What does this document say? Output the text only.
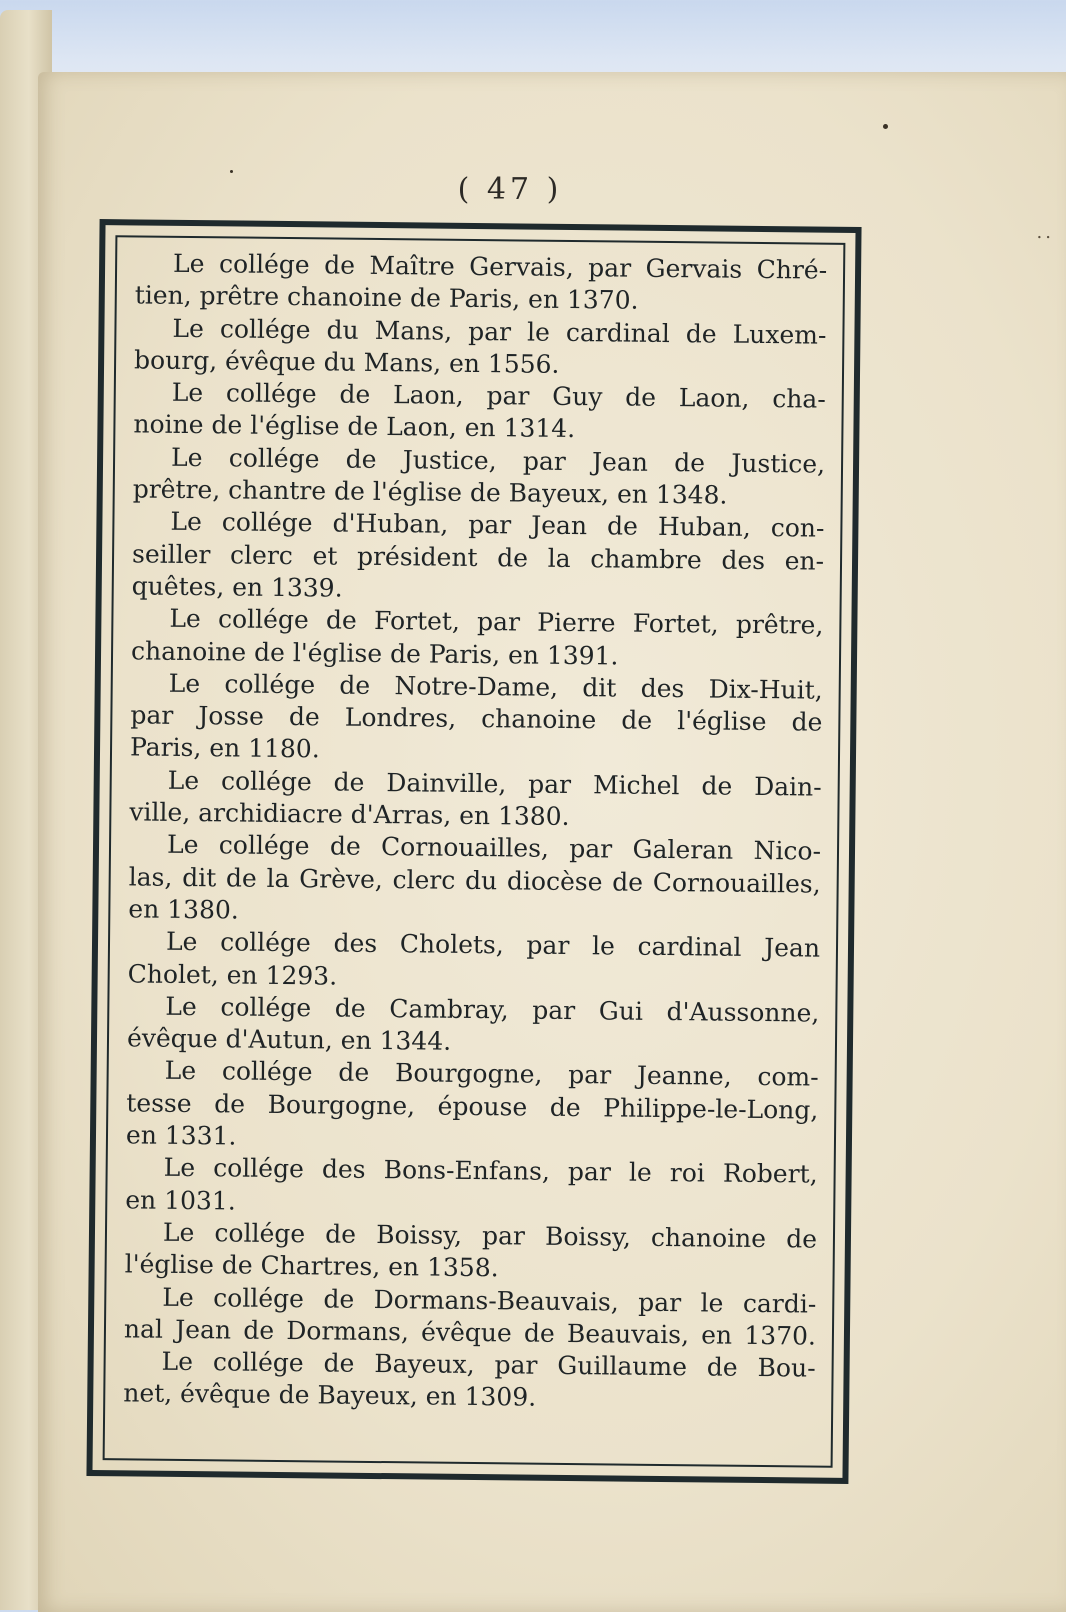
..
( 47 )
Le collége de Maître Gervais, par Gervais Chré-
tien, prêtre chanoine de Paris, en 1370.
Le collége du Mans, par le cardinal de Luxem-
bourg, évêque du Mans, en 1556.
Le collége de Laon, par Guy de Laon, cha-
noine de l'église de Laon, en 1314.
Le collége de Justice, par Jean de Justice,
prêtre, chantre de l'église de Bayeux, en 1348.
Le collége d'Huban, par Jean de Huban, con-
seiller clerc et président de la chambre des en-
quêtes, en 1339.
Le collége de Fortet, par Pierre Fortet, prêtre,
chanoine de l'église de Paris, en 1391.
Le collége de Notre-Dame, dit des Dix-Huit,
par Josse de Londres, chanoine de l'église de
Paris, en 1180.
Le collége de Dainville, par Michel de Dain-
ville, archidiacre d'Arras, en 1380.
Le collége de Cornouailles, par Galeran Nico-
las, dit de la Grève, clerc du diocèse de Cornouailles,
en 1380.
Le collége des Cholets, par le cardinal Jean
Cholet, en 1293.
Le collége de Cambray, par Gui d'Aussonne,
évêque d'Autun, en 1344.
Le collége de Bourgogne, par Jeanne, com-
tesse de Bourgogne, épouse de Philippe-le-Long,
en 1331.
Le collége des Bons-Enfans, par le roi Robert,
en 1031.
Le collége de Boissy, par Boissy, chanoine de
l'église de Chartres, en 1358.
Le collége de Dormans-Beauvais, par le cardi-
nal Jean de Dormans, évêque de Beauvais, en 1370.
Le collége de Bayeux, par Guillaume de Bou-
net, évêque de Bayeux, en 1309.
